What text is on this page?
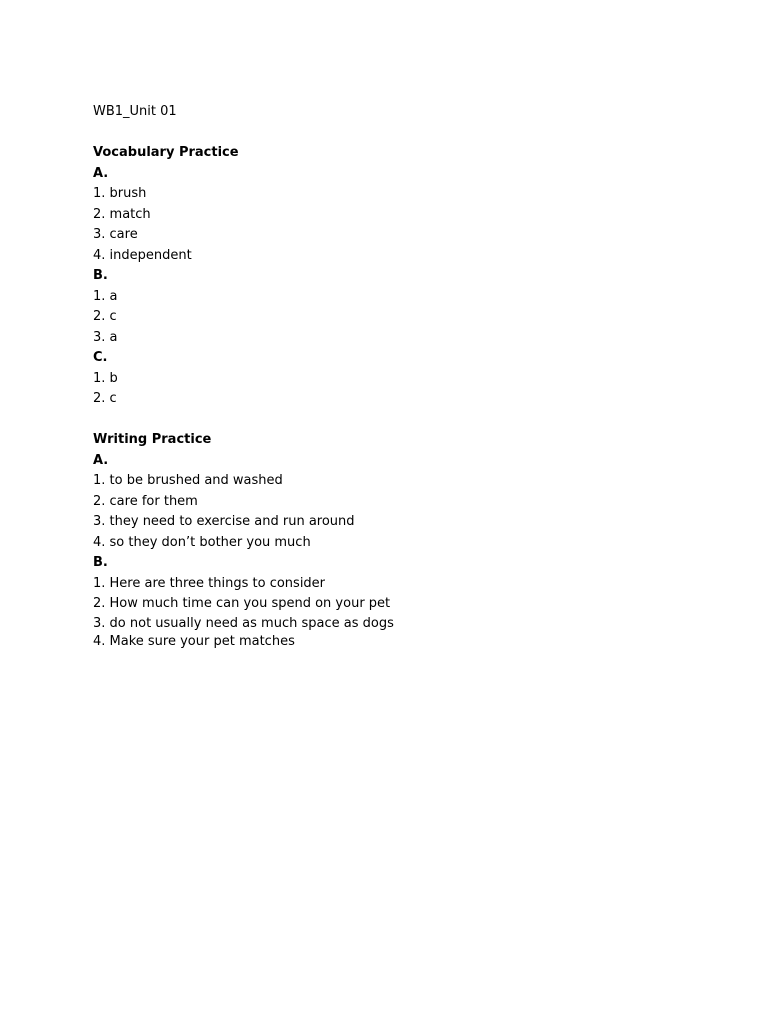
WB1_Unit 01
Vocabulary Practice
A.
1. brush
2. match
3. care
4. independent
B.
1. a
2. c
3. a
C.
1. b
2. c
Writing Practice
A.
1. to be brushed and washed
2. care for them
3. they need to exercise and run around
4. so they don’t bother you much
B.
1. Here are three things to consider
2. How much time can you spend on your pet
3. do not usually need as much space as dogs
4. Make sure your pet matches
